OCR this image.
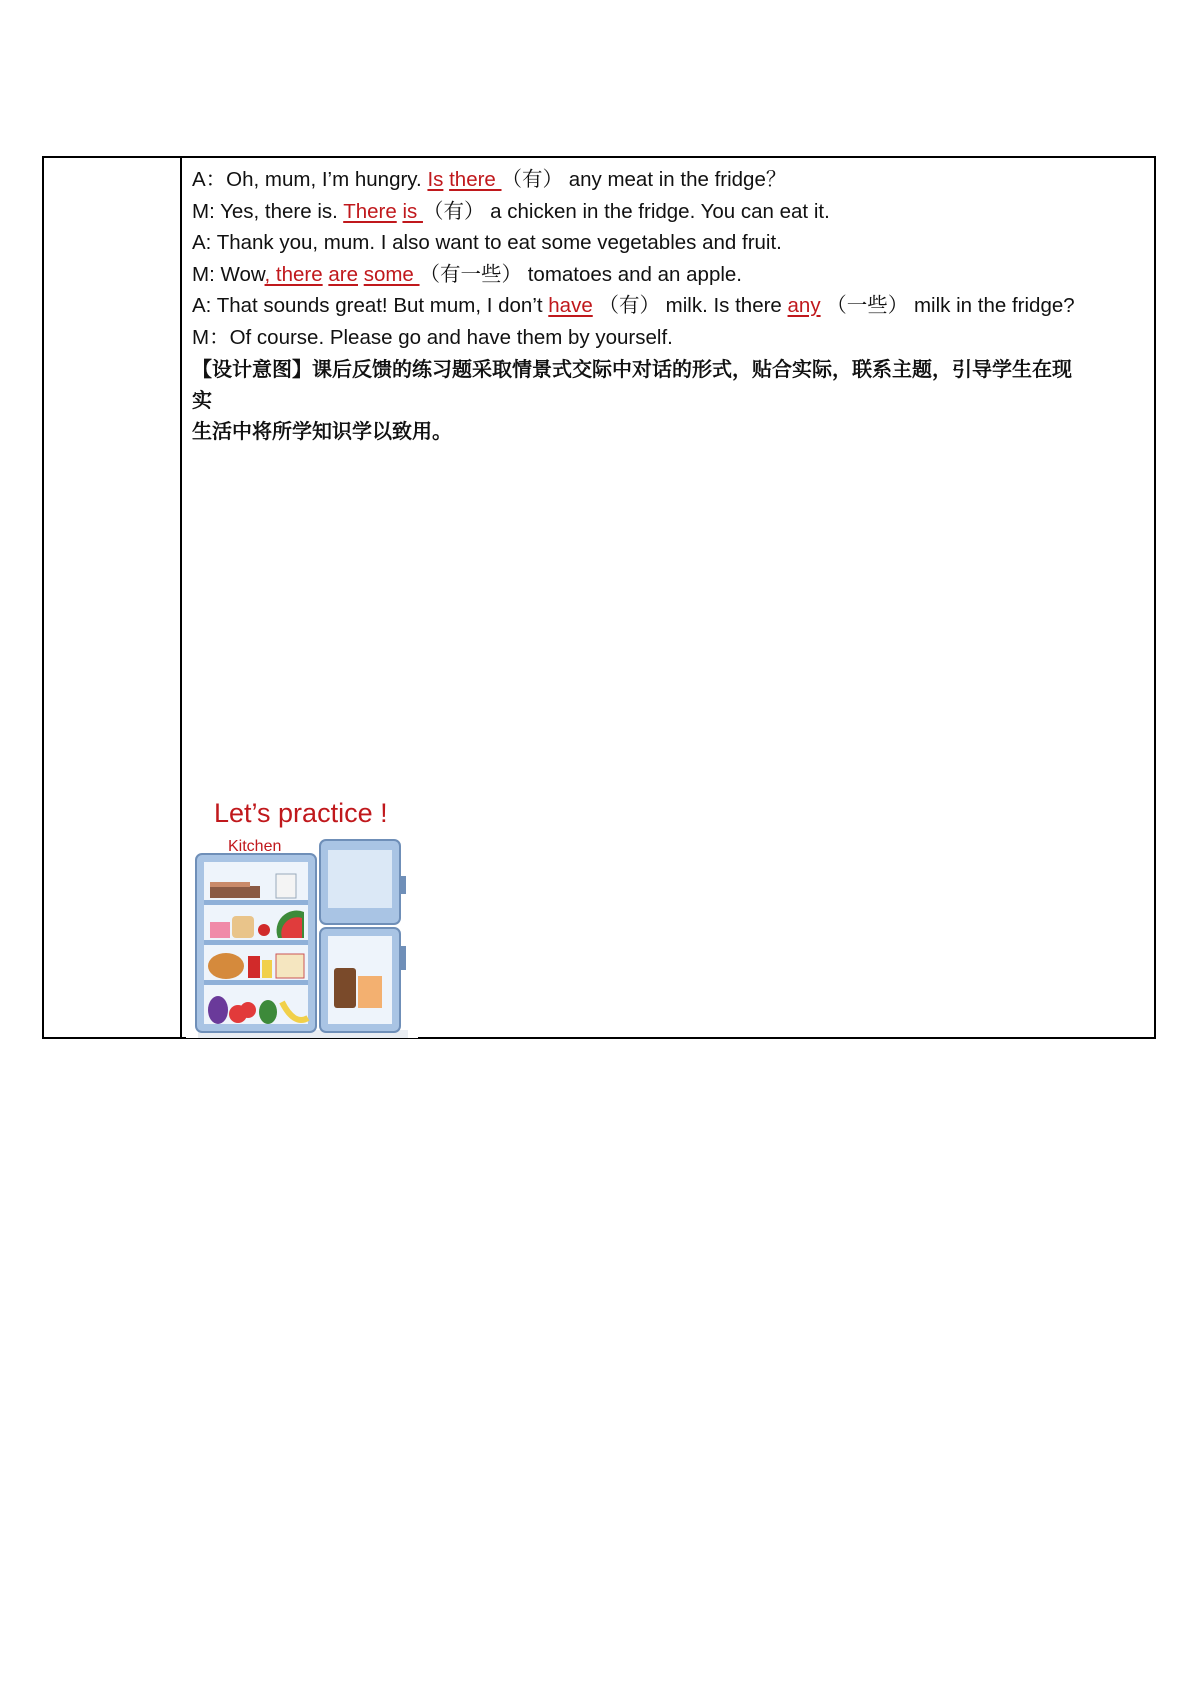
A：Oh, mum, I’m hungry. Is there （有） any meat in the fridge？
M: Yes, there is. There is （有） a chicken in the fridge. You can eat it.
A: Thank you, mum. I also want to eat some vegetables and fruit.
M: Wow, there are some （有一些） tomatoes and an apple.
A: That sounds great! But mum, I don’t have （有） milk. Is there any （一些） milk in the fridge?
M：Of course. Please go and have them by yourself.
【设计意图】课后反馈的练习题采取情景式交际中对话的形式，贴合实际，联系主题，引导学生在现
实
生活中将所学知识学以致用。
Let’s practice !
Kitchen
